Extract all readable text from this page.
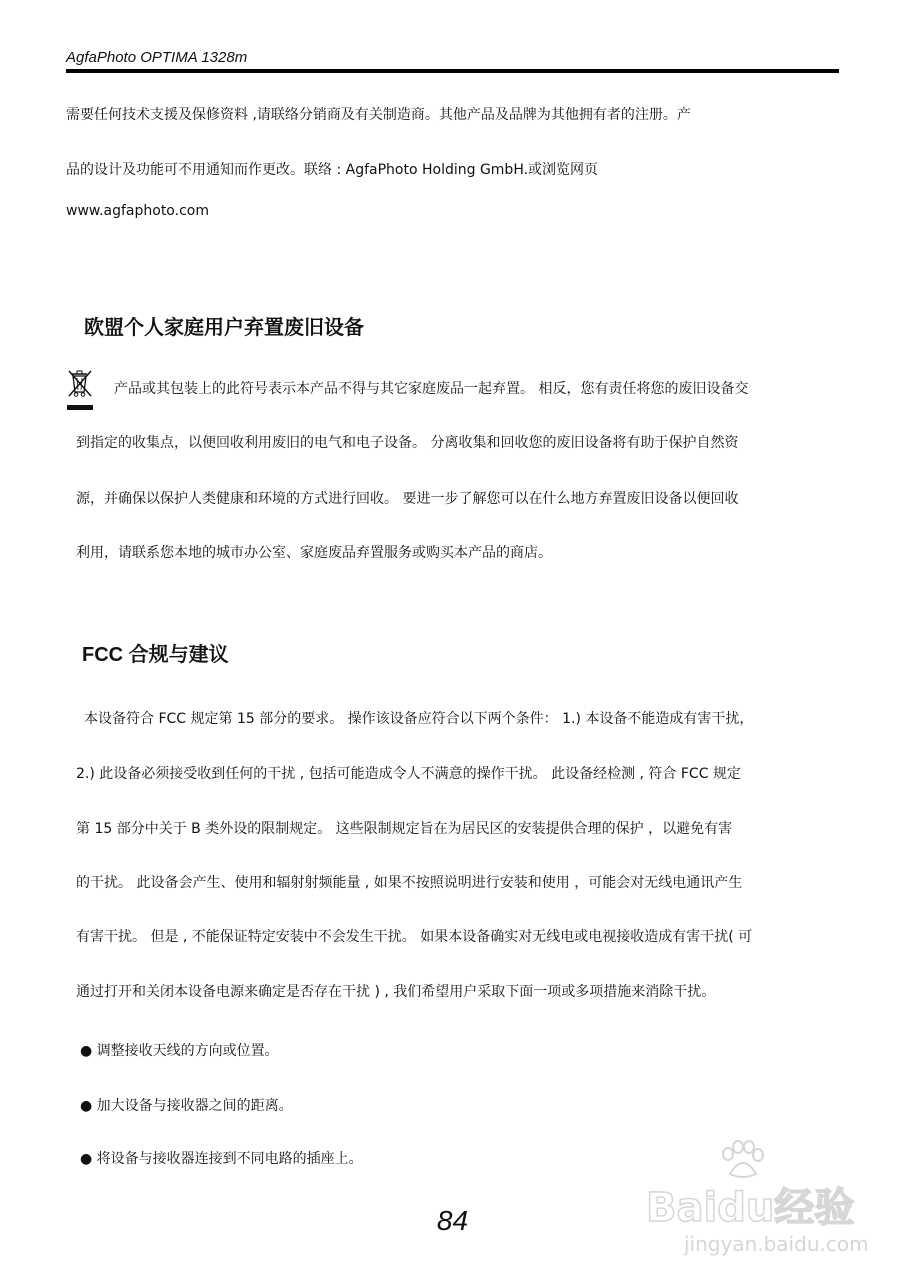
AgfaPhoto OPTIMA 1328m
需要任何技术支援及保修资料 ,请联络分销商及有关制造商。其他产品及品牌为其他拥有者的注册。产
品的设计及功能可不用通知而作更改。联络 : AgfaPhoto Holding GmbH.或浏览网页
www.agfaphoto.com
欧盟个人家庭用户弃置废旧设备
产品或其包装上的此符号表示本产品不得与其它家庭废品一起弃置。 相反，您有责任将您的废旧设备交
到指定的收集点，以便回收利用废旧的电气和电子设备。 分离收集和回收您的废旧设备将有助于保护自然资
源，并确保以保护人类健康和环境的方式进行回收。 要进一步了解您可以在什么地方弃置废旧设备以便回收
利用，请联系您本地的城市办公室、家庭废品弃置服务或购买本产品的商店。
FCC 合规与建议
本设备符合 FCC 规定第 15 部分的要求。 操作该设备应符合以下两个条件： 1.) 本设备不能造成有害干扰，
2.) 此设备必须接受收到任何的干扰 , 包括可能造成令人不满意的操作干扰。 此设备经检测 , 符合 FCC 规定
第 15 部分中关于 B 类外设的限制规定。 这些限制规定旨在为居民区的安装提供合理的保护 ，以避免有害
的干扰。 此设备会产生、使用和辐射射频能量 , 如果不按照说明进行安装和使用 ，可能会对无线电通讯产生
有害干扰。 但是 , 不能保证特定安装中不会发生干扰。 如果本设备确实对无线电或电视接收造成有害干扰( 可
通过打开和关闭本设备电源来确定是否存在干扰 ) , 我们希望用户采取下面一项或多项措施来消除干扰。
● 调整接收天线的方向或位置。
● 加大设备与接收器之间的距离。
● 将设备与接收器连接到不同电路的插座上。
84	Baidu经验
jingyan.baidu.com
